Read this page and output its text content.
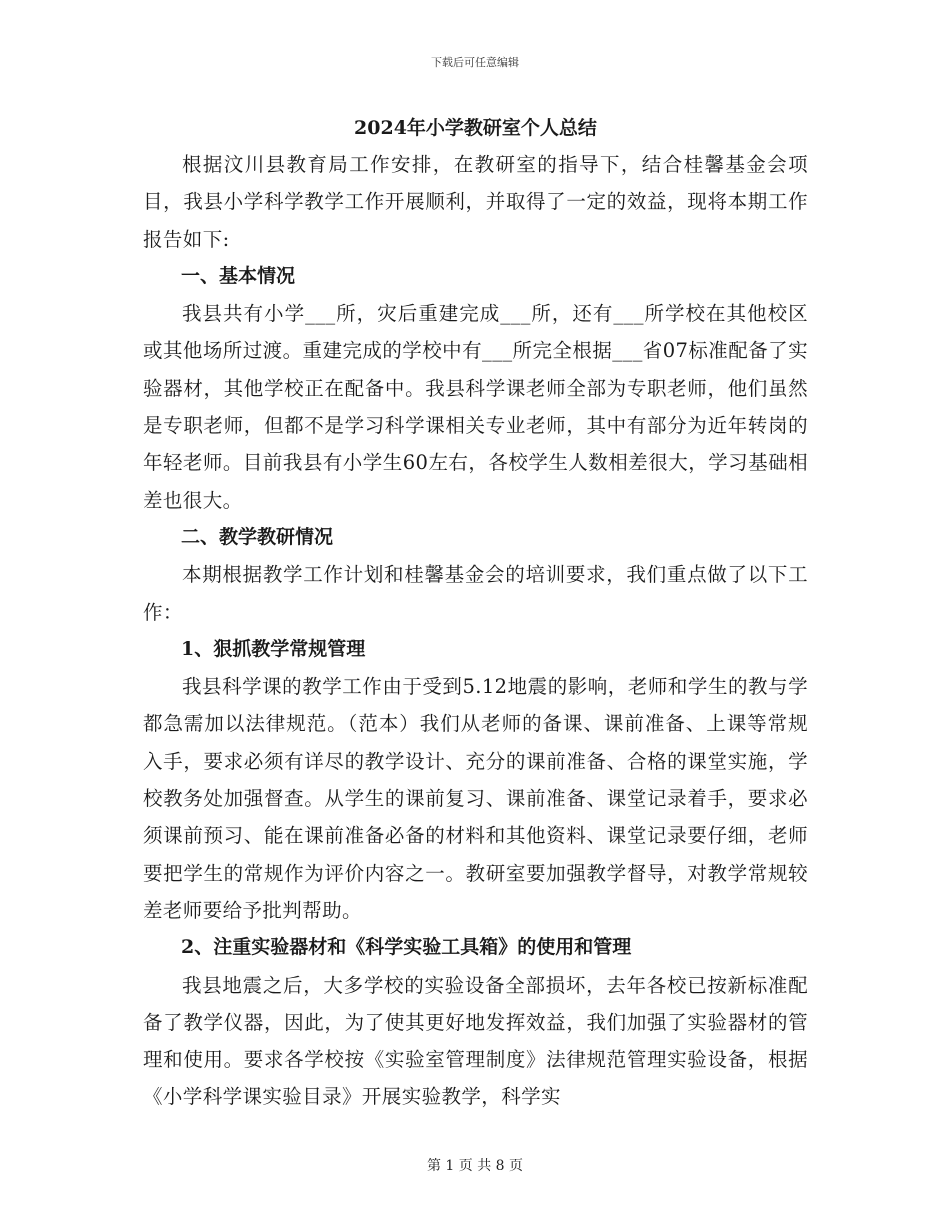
下载后可任意编辑
2024年小学教研室个人总结

根据汶川县教育局工作安排，在教研室的指导下，结合桂馨基金会项目，我县小学科学教学工作开展顺利，并取得了一定的效益，现将本期工作报告如下:

一、基本情况

我县共有小学___所，灾后重建完成___所，还有___所学校在其他校区或其他场所过渡。重建完成的学校中有___所完全根据___省07标准配备了实验器材，其他学校正在配备中。我县科学课老师全部为专职老师，他们虽然是专职老师，但都不是学习科学课相关专业老师，其中有部分为近年转岗的年轻老师。目前我县有小学生60左右，各校学生人数相差很大，学习基础相差也很大。

二、教学教研情况

本期根据教学工作计划和桂馨基金会的培训要求，我们重点做了以下工作：

1、狠抓教学常规管理

我县科学课的教学工作由于受到5.12地震的影响，老师和学生的教与学都急需加以法律规范。（范本）我们从老师的备课、课前准备、上课等常规入手，要求必须有详尽的教学设计、充分的课前准备、合格的课堂实施，学校教务处加强督查。从学生的课前复习、课前准备、课堂记录着手，要求必须课前预习、能在课前准备必备的材料和其他资料、课堂记录要仔细，老师要把学生的常规作为评价内容之一。教研室要加强教学督导，对教学常规较差老师要给予批判帮助。

2、注重实验器材和《科学实验工具箱》的使用和管理

我县地震之后，大多学校的实验设备全部损坏，去年各校已按新标准配备了教学仪器，因此，为了使其更好地发挥效益，我们加强了实验器材的管理和使用。要求各学校按《实验室管理制度》法律规范管理实验设备，根据《小学科学课实验目录》开展实验教学，科学实

第 1 页 共 8 页
